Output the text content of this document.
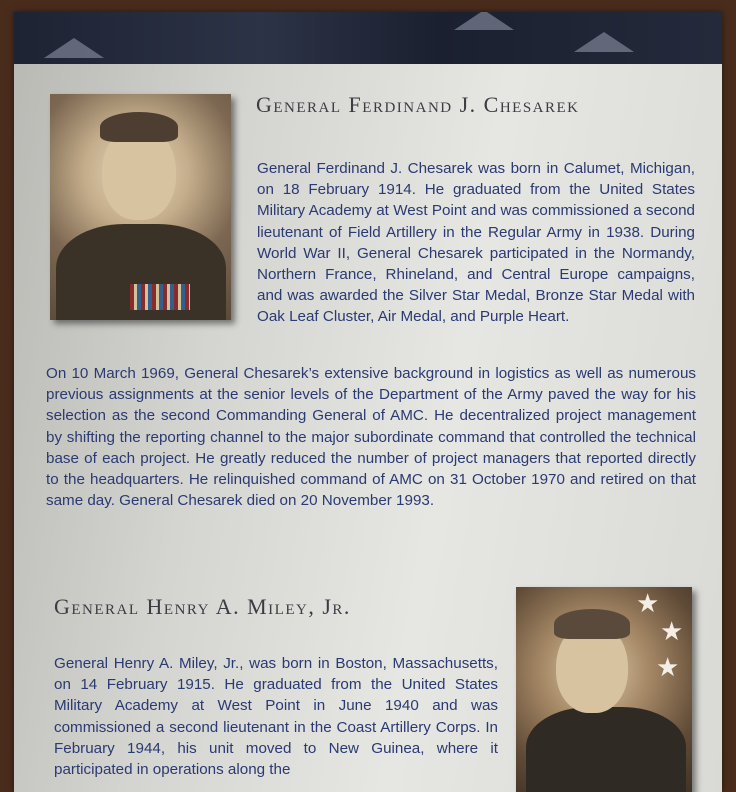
General Ferdinand J. Chesarek

General Ferdinand J. Chesarek was born in Calumet, Michigan, on 18 February 1914. He graduated from the United States Military Academy at West Point and was commissioned a second lieutenant of Field Artillery in the Regular Army in 1938. During World War II, General Chesarek participated in the Normandy, Northern France, Rhineland, and Central Europe campaigns, and was awarded the Silver Star Medal, Bronze Star Medal with Oak Leaf Cluster, Air Medal, and Purple Heart.

On 10 March 1969, General Chesarek’s extensive background in logistics as well as numerous previous assignments at the senior levels of the Department of the Army paved the way for his selection as the second Commanding General of AMC. He decentralized project management by shifting the reporting channel to the major subordinate command that controlled the technical base of each project. He greatly reduced the number of project managers that reported directly to the headquarters. He relinquished command of AMC on 31 October 1970 and retired on that same day. General Chesarek died on 20 November 1993.

General Henry A. Miley, Jr.

General Henry A. Miley, Jr., was born in Boston, Massachusetts, on 14 February 1915. He graduated from the United States Military Academy at West Point in June 1940 and was commissioned a second lieutenant in the Coast Artillery Corps. In February 1944, his unit moved to New Guinea, where it participated in operations along the

★
★
★
